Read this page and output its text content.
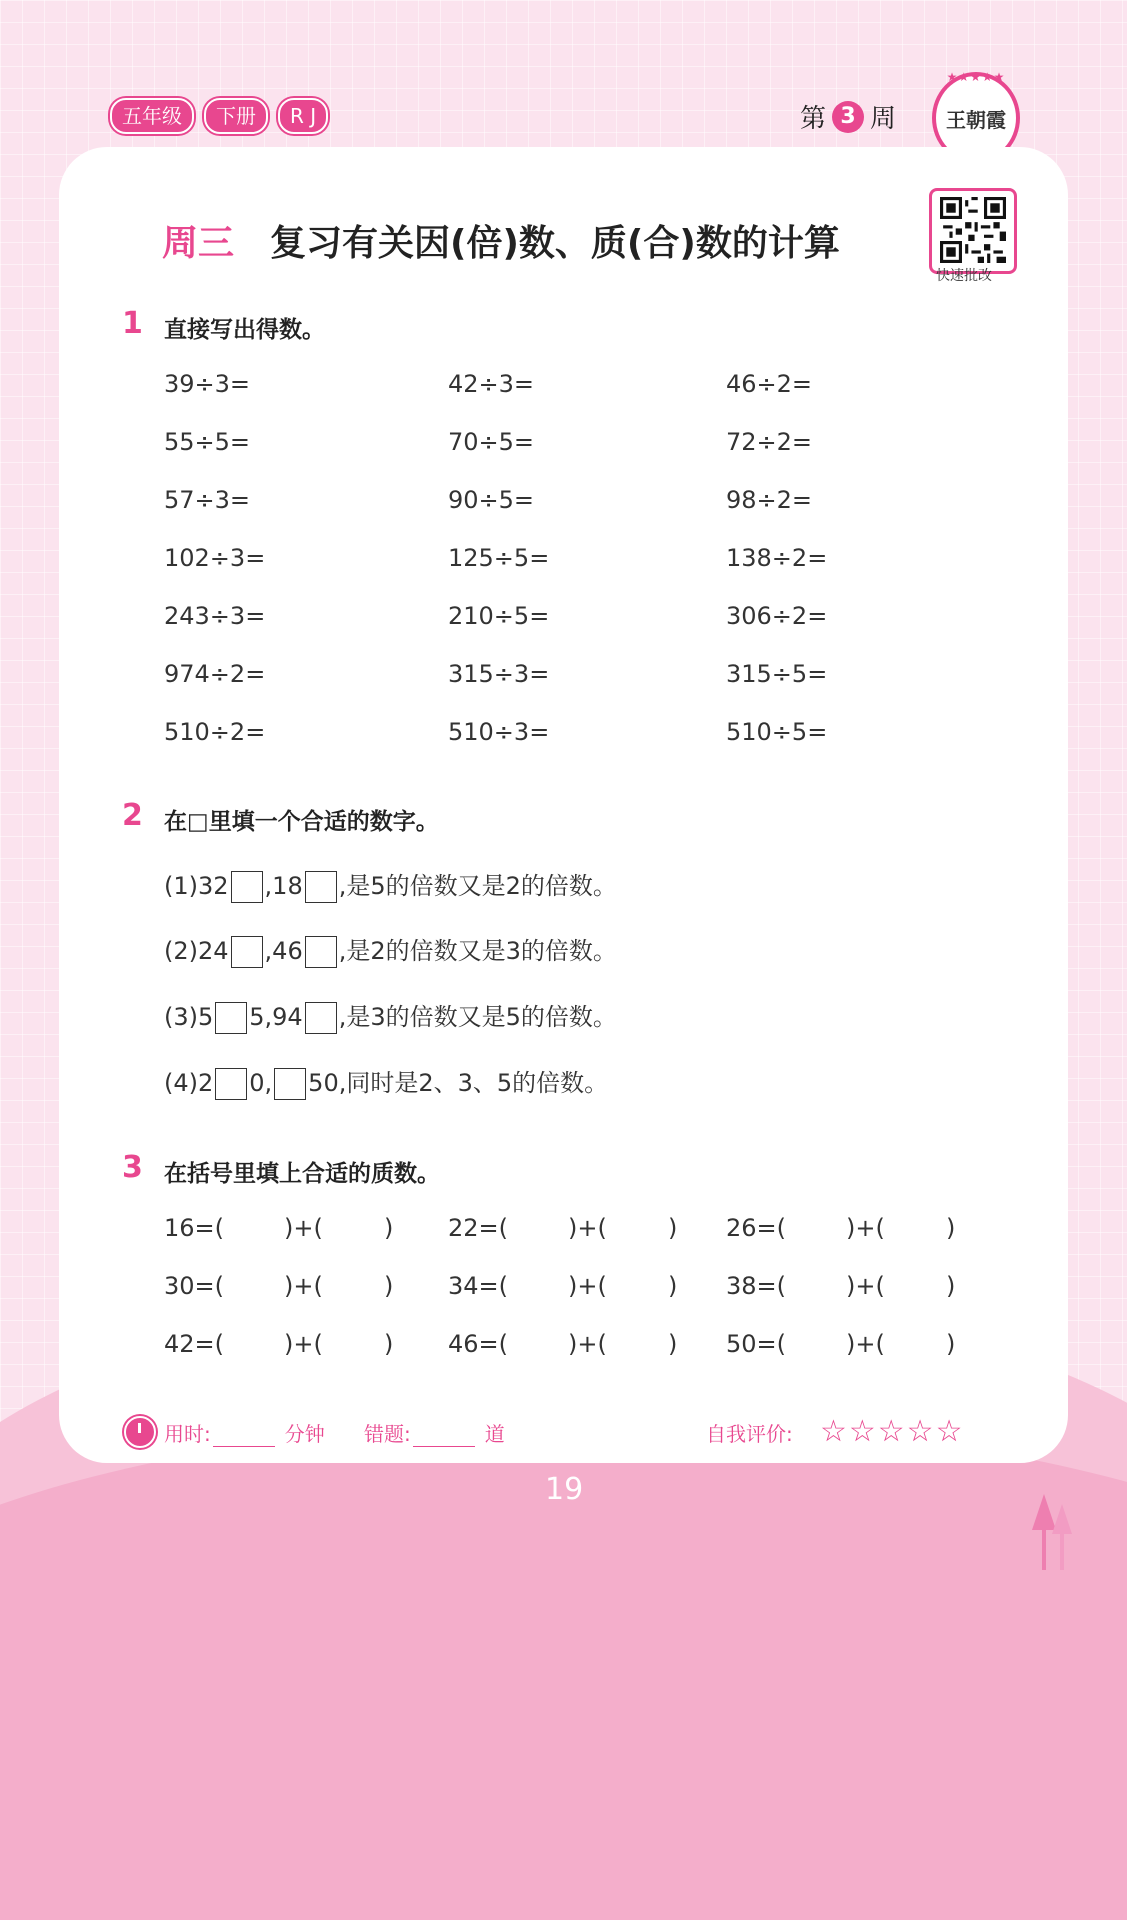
五年级	下册	R J	第 3 周
★★★★★
王朝霞

周三 复习有关因(倍)数、质(合)数的计算
快速批改
1 直接写出得数。
39÷3=	42÷3=	46÷2=
55÷5=	70÷5=	72÷2=
57÷3=	90÷5=	98÷2=
102÷3=	125÷5=	138÷2=
243÷3=	210÷5=	306÷2=
974÷2=	315÷3=	315÷5=
510÷2=	510÷3=	510÷5=
2 在□里填一个合适的数字。
(1)32 ,18 ,是5的倍数又是2的倍数。
(2)24 ,46 ,是2的倍数又是3的倍数。
(3)5 5,94 ,是3的倍数又是5的倍数。
(4)2 0, 50,同时是2、3、5的倍数。
3 在括号里填上合适的质数。
16=( )+(	) 22=( )+(	) 26=( )+(	)
30=( )+(	) 34=( )+(	) 38=( )+(	)
42=( )+(	) 46=( )+(	) 50=( )+(	)
用时:	分钟 错题:	道	自我评价: ☆☆☆☆☆
19
